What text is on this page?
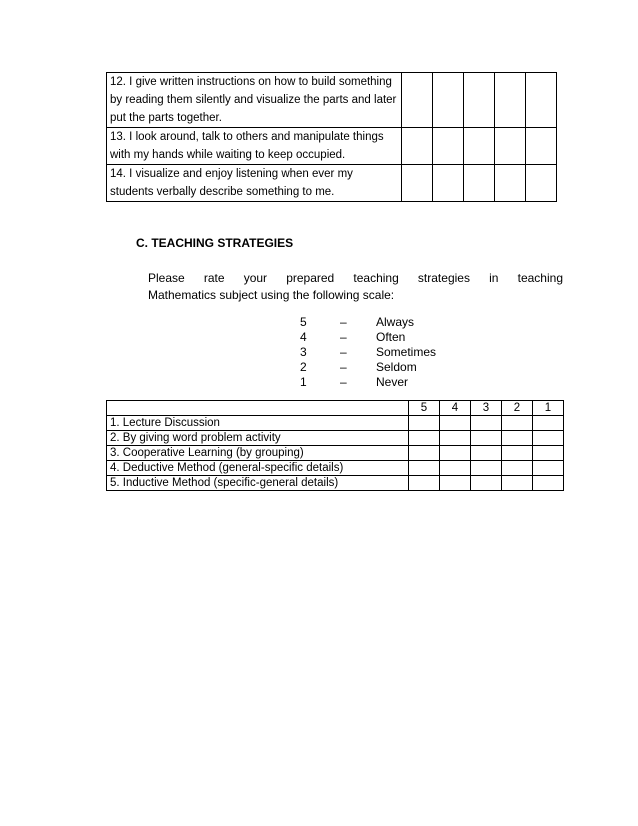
12. I give written instructions on how to build something by reading them silently and visualize the parts and later put the parts together.					
13. I look around, talk to others and manipulate things with my hands while waiting to keep occupied.					
14. I visualize and enjoy listening when ever my students verbally describe something to me.					
C. TEACHING STRATEGIES
Please rate your prepared teaching strategies in teaching
Mathematics subject using the following scale:
5	– Always
4	– Often
3	– Sometimes
2	– Seldom
1	– Never
	5	4	3	2	1
1. Lecture Discussion					
2. By giving word problem activity					
3. Cooperative Learning (by grouping)					
4. Deductive Method (general-specific details)					
5. Inductive Method (specific-general details)					
